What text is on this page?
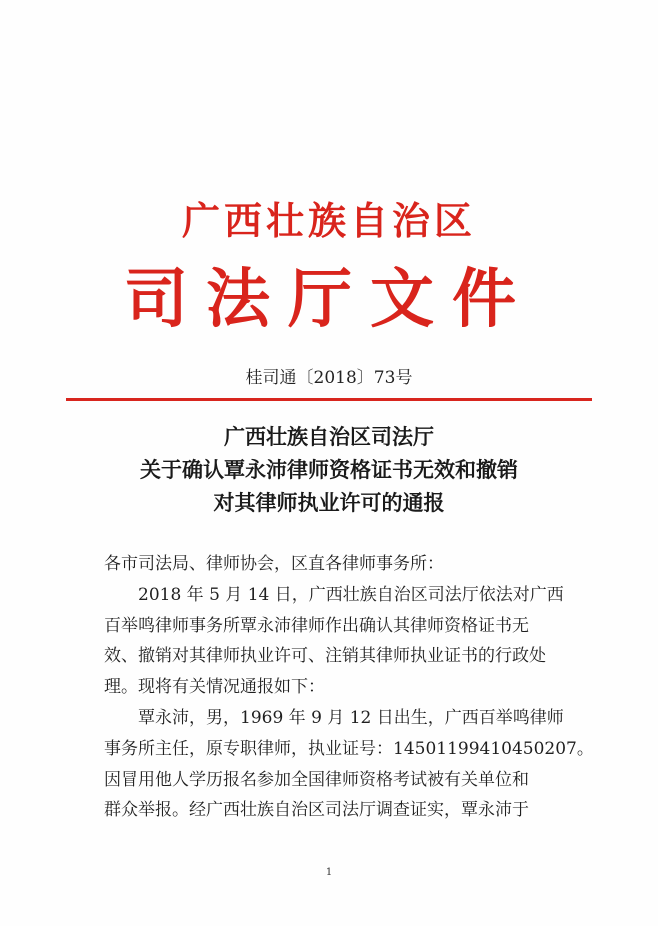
广西壮族自治区
司法厅文件
桂司通〔2018〕73号
广西壮族自治区司法厅
关于确认覃永沛律师资格证书无效和撤销
对其律师执业许可的通报
各市司法局、律师协会，区直各律师事务所：
2018 年 5 月 14 日，广西壮族自治区司法厅依法对广西
百举鸣律师事务所覃永沛律师作出确认其律师资格证书无
效、撤销对其律师执业许可、注销其律师执业证书的行政处
理。现将有关情况通报如下：
覃永沛，男，1969 年 9 月 12 日出生，广西百举鸣律师
事务所主任，原专职律师，执业证号：14501199410450207。
因冒用他人学历报名参加全国律师资格考试被有关单位和
群众举报。经广西壮族自治区司法厅调查证实，覃永沛于
1
